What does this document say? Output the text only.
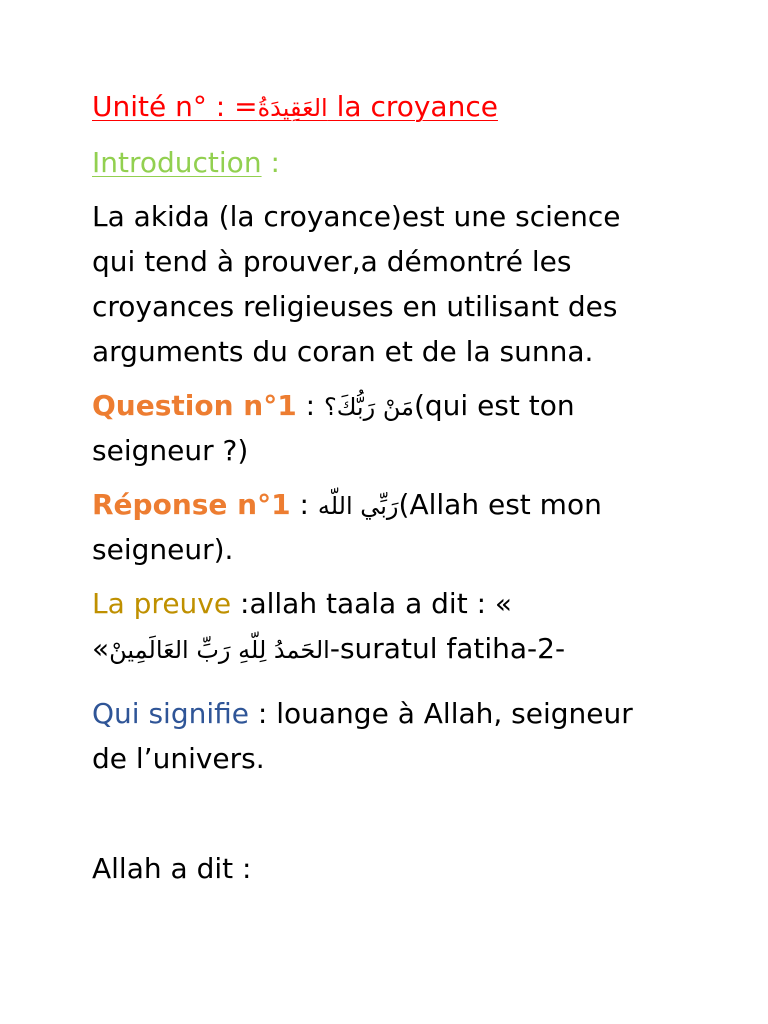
Unité n° : =العَقِيدَةُ la croyance
Introduction :
La akida (la croyance)est une science
qui tend à prouver,a démontré les
croyances religieuses en utilisant des
arguments du coran et de la sunna.
Question n°1 : مَنْ رَبُّكَ؟(qui est ton
seigneur ?)
Réponse n°1 : رَبِّي اللّه(Allah est mon
seigneur).
La preuve :allah taala a dit : «
«الحَمدُ لِلّهِ رَبِّ العَالَمِينْ-suratul fatiha-2-
Qui signifie : louange à Allah, seigneur
de l’univers.
Allah a dit :
